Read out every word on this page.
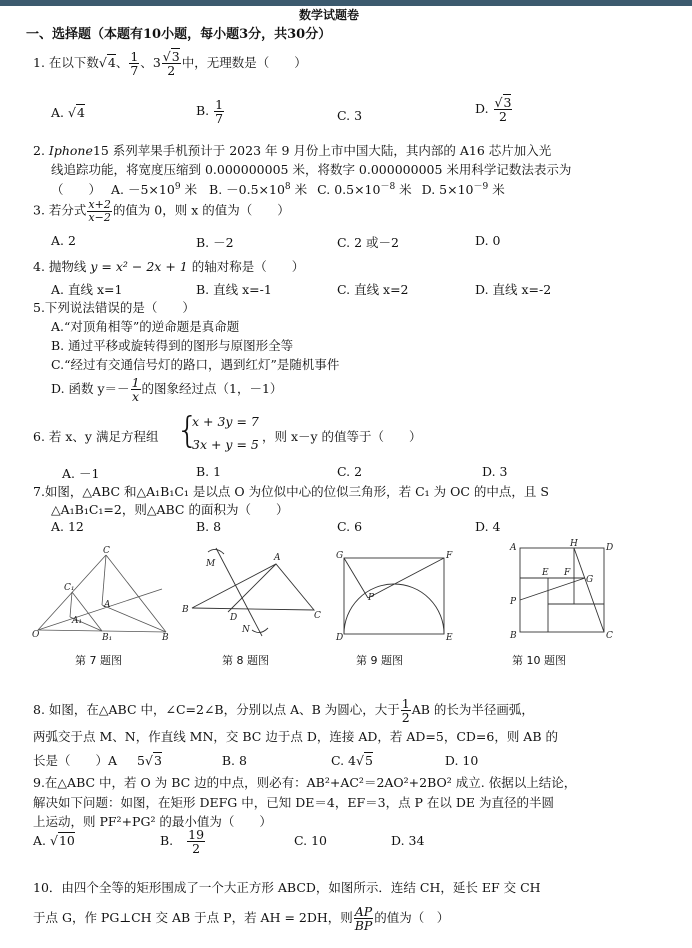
数学试题卷
一、选择题（本题有10小题，每小题3分，共30分）
1. 在以下数√4、 $\frac{1}{7}$ 、$3 \frac{√3}{2}$ 中，无理数是（　　）
A. √4	B. $\frac{1}{7}$	C. 3	D. $\frac{√3}{2}$
2. Iphone15 系列苹果手机预计于 2023 年 9 月份上市中国大陆，其内部的 A16 芯片加入光
线追踪功能，将宽度压缩到 0.000000005 米，将数字 0.000000005 米用科学记数法表示为
（　　） A. $-5\times 10^9$ 米 B. $-0.5\times 10^8$ 米 C. $0.5\times 10^{-8}$ 米 D. $5\times 10^{-9}$ 米
3. 若分式 $\frac{x+2}{x-2}$ 的值为 0，则 x 的值为（　　）
A. 2	B. －2	C. 2 或－2	D. 0
4. 抛物线 y = x² − 2x + 1 的轴对称是（　　）
A. 直线 x=1	B. 直线 x=-1	C. 直线 x=2	D. 直线 x=-2
5.下列说法错误的是（　　）
A.“对顶角相等”的逆命题是真命题
B. 通过平移或旋转得到的图形与原图形全等
C.“经过有交通信号灯的路口，遇到红灯”是随机事件
D. 函数 $y=- \frac{1}{x}$ 的图象经过点（1，－1）
6. 若 x、y 满足方程组 {
x + 3y = 7
3x + y = 5
，则 x－y 的值等于（　　）
A. －1	B. 1	C. 2	D. 3
7.如图，△ABC 和△A₁B₁C₁ 是以点 O 为位似中心的位似三角形，若 C₁ 为 OC 的中点，且 S
△A₁B₁C₁=2，则△ABC 的面积为（　　）
A. 12	B. 8	C. 6	D. 4
C
C₁
A
A₁
B₁	B
O
第 7 题图
M
A
B
D	C
N
第 8 题图
G	F
P
D	E
第 9 题图
A	H	D
E F
G
P
B	C
第 10 题图
8. 如图，在△ABC 中，∠C=2∠B，分别以点 A、B 为圆心，大于 $\frac{1}{2}$ AB 的长为半径画弧，
两弧交于点 M、N，作直线 MN，交 BC 边于点 D，连接 AD，若 AD=5，CD=6，则 AB 的
长是（　　）A 5√3	B. 8	C. 4√5	D. 10
9.在△ABC 中，若 O 为 BC 边的中点，则必有：AB²+AC²＝2AO²+2BO² 成立. 依据以上结论，
解决如下问题：如图，在矩形 DEFG 中，已知 DE＝4，EF＝3，点 P 在以 DE 为直径的半圆
上运动，则 PF²+PG² 的最小值为（　　）
A. √10	B. $\frac{19}{2}$	C. 10	D. 34
10．由四个全等的矩形围成了一个大正方形 ABCD，如图所示．连结 CH，延长 EF 交 CH
于点 G，作 PG⊥CH 交 AB 于点 P，若 AH = 2DH，则 $\frac{AP}{BP}$ 的值为（　）
